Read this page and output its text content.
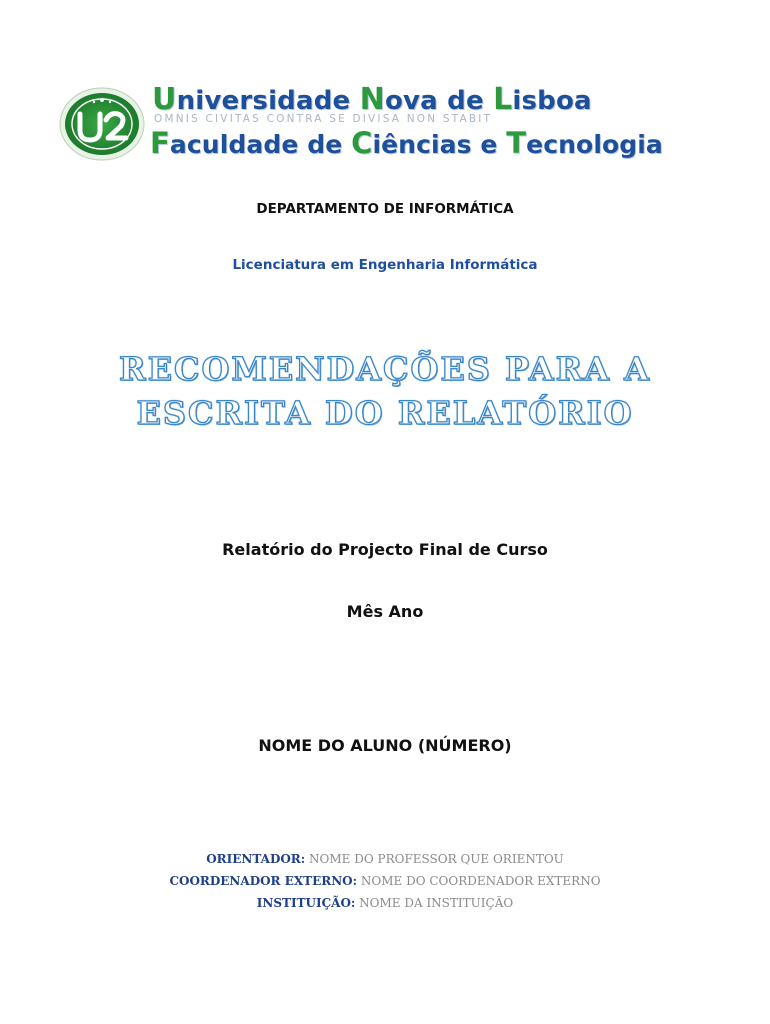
Universidade Nova de Lisboa
OMNIS CIVITAS CONTRA SE DIVISA NON STABIT
Faculdade de Ciências e Tecnologia
DEPARTAMENTO DE INFORMÁTICA
Licenciatura em Engenharia Informática
RECOMENDAÇÕES PARA A
ESCRITA DO RELATÓRIO
Relatório do Projecto Final de Curso
Mês Ano
NOME DO ALUNO (NÚMERO)
ORIENTADOR: NOME DO PROFESSOR QUE ORIENTOU
COORDENADOR EXTERNO: NOME DO COORDENADOR EXTERNO
INSTITUIÇÃO: NOME DA INSTITUIÇÃO
